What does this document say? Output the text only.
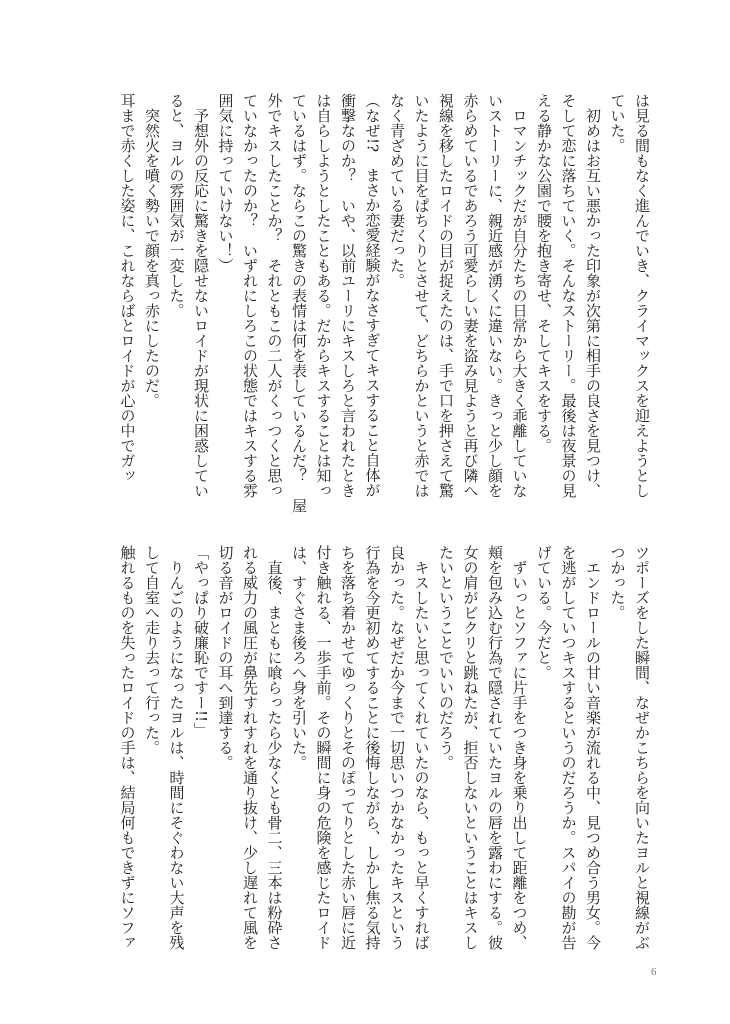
は見る間もなく進んでいき、クライマックスを迎えようとし
ていた。
　初めはお互い悪かった印象が次第に相手の良さを見つけ、
そして恋に落ちていく。そんなストーリー。最後は夜景の見
える静かな公園で腰を抱き寄せ、そしてキスをする。
　ロマンチックだが自分たちの日常から大きく乖離していな
いストーリーに、親近感が湧くに違いない。きっと少し顔を
赤らめているであろう可愛らしい妻を盗み見ようと再び隣へ
視線を移したロイドの目が捉えたのは、手で口を押さえて驚
いたように目をぱちくりとさせて、どちらかというと赤では
なく青ざめている妻だった。
（なぜ!?　まさか恋愛経験がなさすぎてキスすること自体が
衝撃なのか？　いや、以前ユーリにキスしろと言われたとき
は自らしようとしたこともある。だからキスすることは知っ
ているはず。ならこの驚きの表情は何を表しているんだ？　屋
外でキスしたことか？　それともこの二人がくっつくと思っ
ていなかったのか？　いずれにしろこの状態ではキスする雰
囲気に持っていけない！）
　予想外の反応に驚きを隠せないロイドが現状に困惑してい
ると、ヨルの雰囲気が一変した。
　突然火を噴く勢いで顔を真っ赤にしたのだ。
耳まで赤くした姿に、これならばとロイドが心の中でガッ
ツポーズをした瞬間、なぜかこちらを向いたヨルと視線がぶ
つかった。
　エンドロールの甘い音楽が流れる中、見つめ合う男女。今
を逃がしていつキスするというのだろうか。スパイの勘が告
げている。今だと。
　ずいっとソファに片手をつき身を乗り出して距離をつめ、
頬を包み込む行為で隠されていたヨルの唇を露わにする。彼
女の肩がビクリと跳ねたが、拒否しないということはキスし
たいということでいいのだろう。
　キスしたいと思ってくれていたのなら、もっと早くすれば
良かった。なぜだか今まで一切思いつかなかったキスという
行為を今更初めてすることに後悔しながら、しかし焦る気持
ちを落ち着かせてゆっくりとそのぽってりとした赤い唇に近
付き触れる、一歩手前。その瞬間に身の危険を感じたロイド
は、すぐさま後ろへ身を引いた。
　直後、まともに喰らったら少なくとも骨二、三本は粉砕さ
れる威力の風圧が鼻先すれすれを通り抜け、少し遅れて風を
切る音がロイドの耳へ到達する。
「やっぱり破廉恥ですー!!」
　りんごのようになったヨルは、時間にそぐわない大声を残
して自室へ走り去って行った。
触れるものを失ったロイドの手は、結局何もできずにソファ
6
